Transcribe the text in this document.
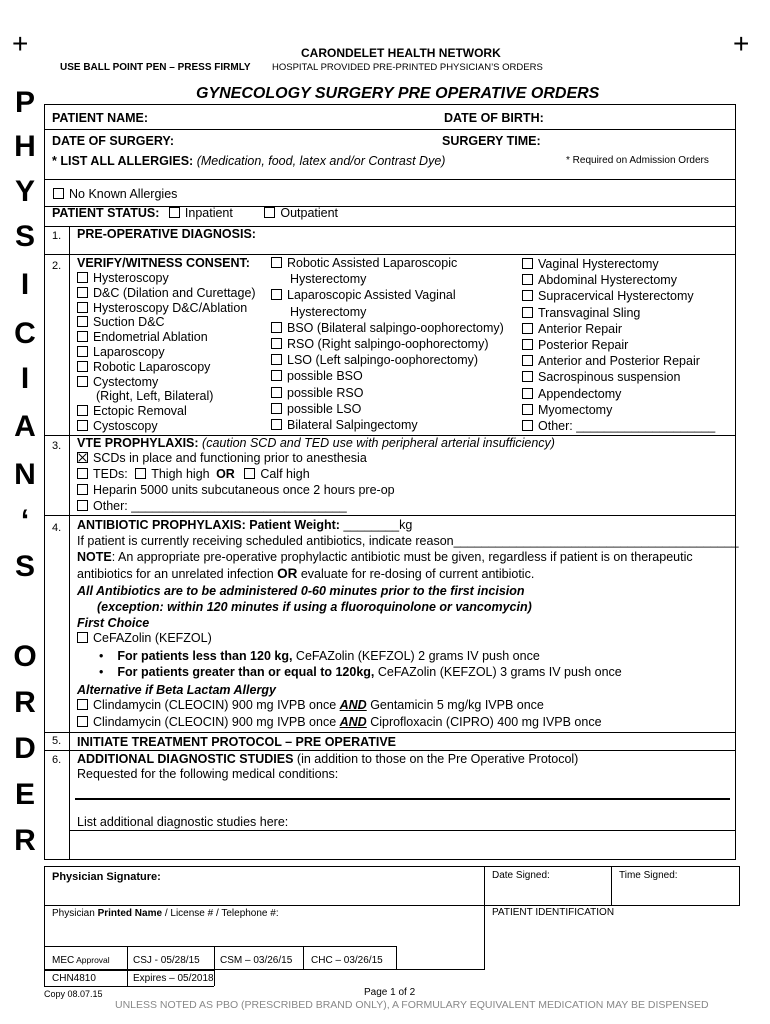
+	+
CARONDELET HEALTH NETWORK
USE BALL POINT PEN – PRESS FIRMLY HOSPITAL PROVIDED PRE-PRINTED PHYSICIAN’S ORDERS
GYNECOLOGY SURGERY PRE OPERATIVE ORDERS
P
H
Y
S
I
C
I
A
N
‘
S
O
R
D
E
R
PATIENT NAME:	DATE OF BIRTH:
DATE OF SURGERY:	SURGERY TIME:
* LIST ALL ALLERGIES: (Medication, food, latex and/or Contrast Dye)	* Required on Admission Orders
No Known Allergies
PATIENT STATUS: Inpatient	Outpatient
1. PRE-OPERATIVE DIAGNOSIS:
2. VERIFY/WITNESS CONSENT:
Hysteroscopy
D&C (Dilation and Curettage)
Hysteroscopy D&C/Ablation
Suction D&C
Endometrial Ablation
Laparoscopy
Robotic Laparoscopy
Cystectomy
(Right, Left, Bilateral)
Ectopic Removal
Cystoscopy
Robotic Assisted Laparoscopic
Hysterectomy
Laparoscopic Assisted Vaginal
Hysterectomy
BSO (Bilateral salpingo-oophorectomy)
RSO (Right salpingo-oophorectomy)
LSO (Left salpingo-oophorectomy)
possible BSO
possible RSO
possible LSO
Bilateral Salpingectomy
Vaginal Hysterectomy
Abdominal Hysterectomy
Supracervical Hysterectomy
Transvaginal Sling
Anterior Repair
Posterior Repair
Anterior and Posterior Repair
Sacrospinous suspension
Appendectomy
Myomectomy
Other: ____________________
3. VTE PROPHYLAXIS: (caution SCD and TED use with peripheral arterial insufficiency)
SCDs in place and functioning prior to anesthesia
TEDs: Thigh high OR Calf high
Heparin 5000 units subcutaneous once 2 hours pre-op
Other: _______________________________
4. ANTIBIOTIC PROPHYLAXIS: Patient Weight: ________kg
If patient is currently receiving scheduled antibiotics, indicate reason_________________________________________
NOTE: An appropriate pre-operative prophylactic antibiotic must be given, regardless if patient is on therapeutic
antibiotics for an unrelated infection OR evaluate for re-dosing of current antibiotic.
All Antibiotics are to be administered 0-60 minutes prior to the first incision
(exception: within 120 minutes if using a fluoroquinolone or vancomycin)
First Choice
CeFAZolin (KEFZOL)
• For patients less than 120 kg, CeFAZolin (KEFZOL) 2 grams IV push once
• For patients greater than or equal to 120kg, CeFAZolin (KEFZOL) 3 grams IV push once
Alternative if Beta Lactam Allergy
Clindamycin (CLEOCIN) 900 mg IVPB once AND Gentamicin 5 mg/kg IVPB once
Clindamycin (CLEOCIN) 900 mg IVPB once AND Ciprofloxacin (CIPRO) 400 mg IVPB once
5. INITIATE TREATMENT PROTOCOL – PRE OPERATIVE
6. ADDITIONAL DIAGNOSTIC STUDIES (in addition to those on the Pre Operative Protocol)
Requested for the following medical conditions:
List additional diagnostic studies here:
Physician Signature:	Date Signed:	Time Signed:
Physician Printed Name / License # / Telephone #:	PATIENT IDENTIFICATION
MEC Approval CSJ - 05/28/15 CSM – 03/26/15 CHC – 03/26/15
CHN4810	Expires – 05/2018
Copy 08.07.15	Page 1 of 2
UNLESS NOTED AS PBO (PRESCRIBED BRAND ONLY), A FORMULARY EQUIVALENT MEDICATION MAY BE DISPENSED
